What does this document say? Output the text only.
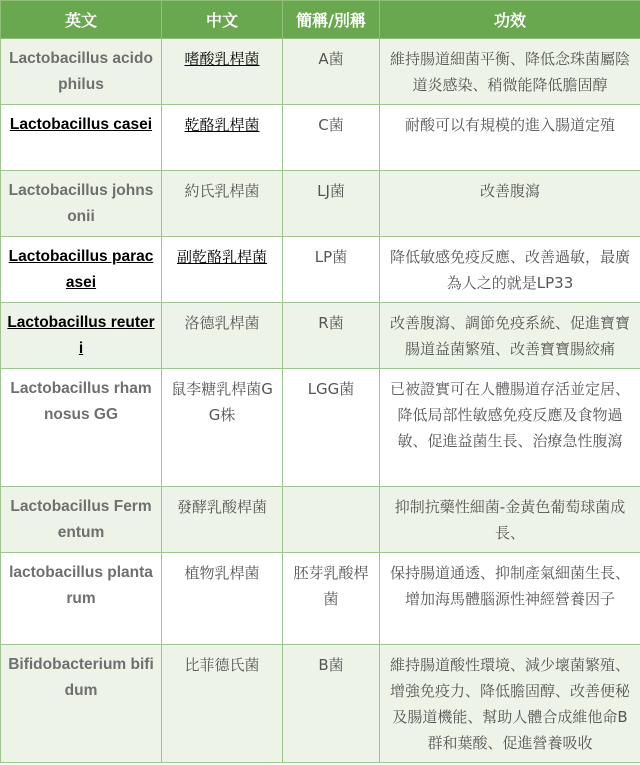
英文	中文	簡稱/別稱	功效
Lactobacillus acidophilus	嗜酸乳桿菌	A菌	維持腸道細菌平衡、降低念珠菌屬陰道炎感染、稍微能降低膽固醇
Lactobacillus casei	乾酪乳桿菌	C菌	耐酸可以有規模的進入腸道定殖
Lactobacillus johnsonii	約氏乳桿菌	LJ菌	改善腹瀉
Lactobacillus paracasei	副乾酪乳桿菌	LP菌	降低敏感免疫反應、改善過敏，最廣為人之的就是LP33
Lactobacillus reuteri	洛德乳桿菌	R菌	改善腹瀉、調節免疫系統、促進寶寶腸道益菌繁殖、改善寶寶腸絞痛
Lactobacillus rhamnosus GG	鼠李糖乳桿菌GG株	LGG菌	已被證實可在人體腸道存活並定居、降低局部性敏感免疫反應及食物過敏、促進益菌生長、治療急性腹瀉
Lactobacillus Fermentum	發酵乳酸桿菌		抑制抗藥性細菌-金黃色葡萄球菌成長、
lactobacillus plantarum	植物乳桿菌	胚芽乳酸桿菌	保持腸道通透、抑制產氣細菌生長、增加海馬體腦源性神經營養因子
Bifidobacterium bifidum	比菲德氏菌	B菌	維持腸道酸性環境、減少壞菌繁殖、增強免疫力、降低膽固醇、改善便秘及腸道機能、幫助人體合成維他命B群和葉酸、促進營養吸收
